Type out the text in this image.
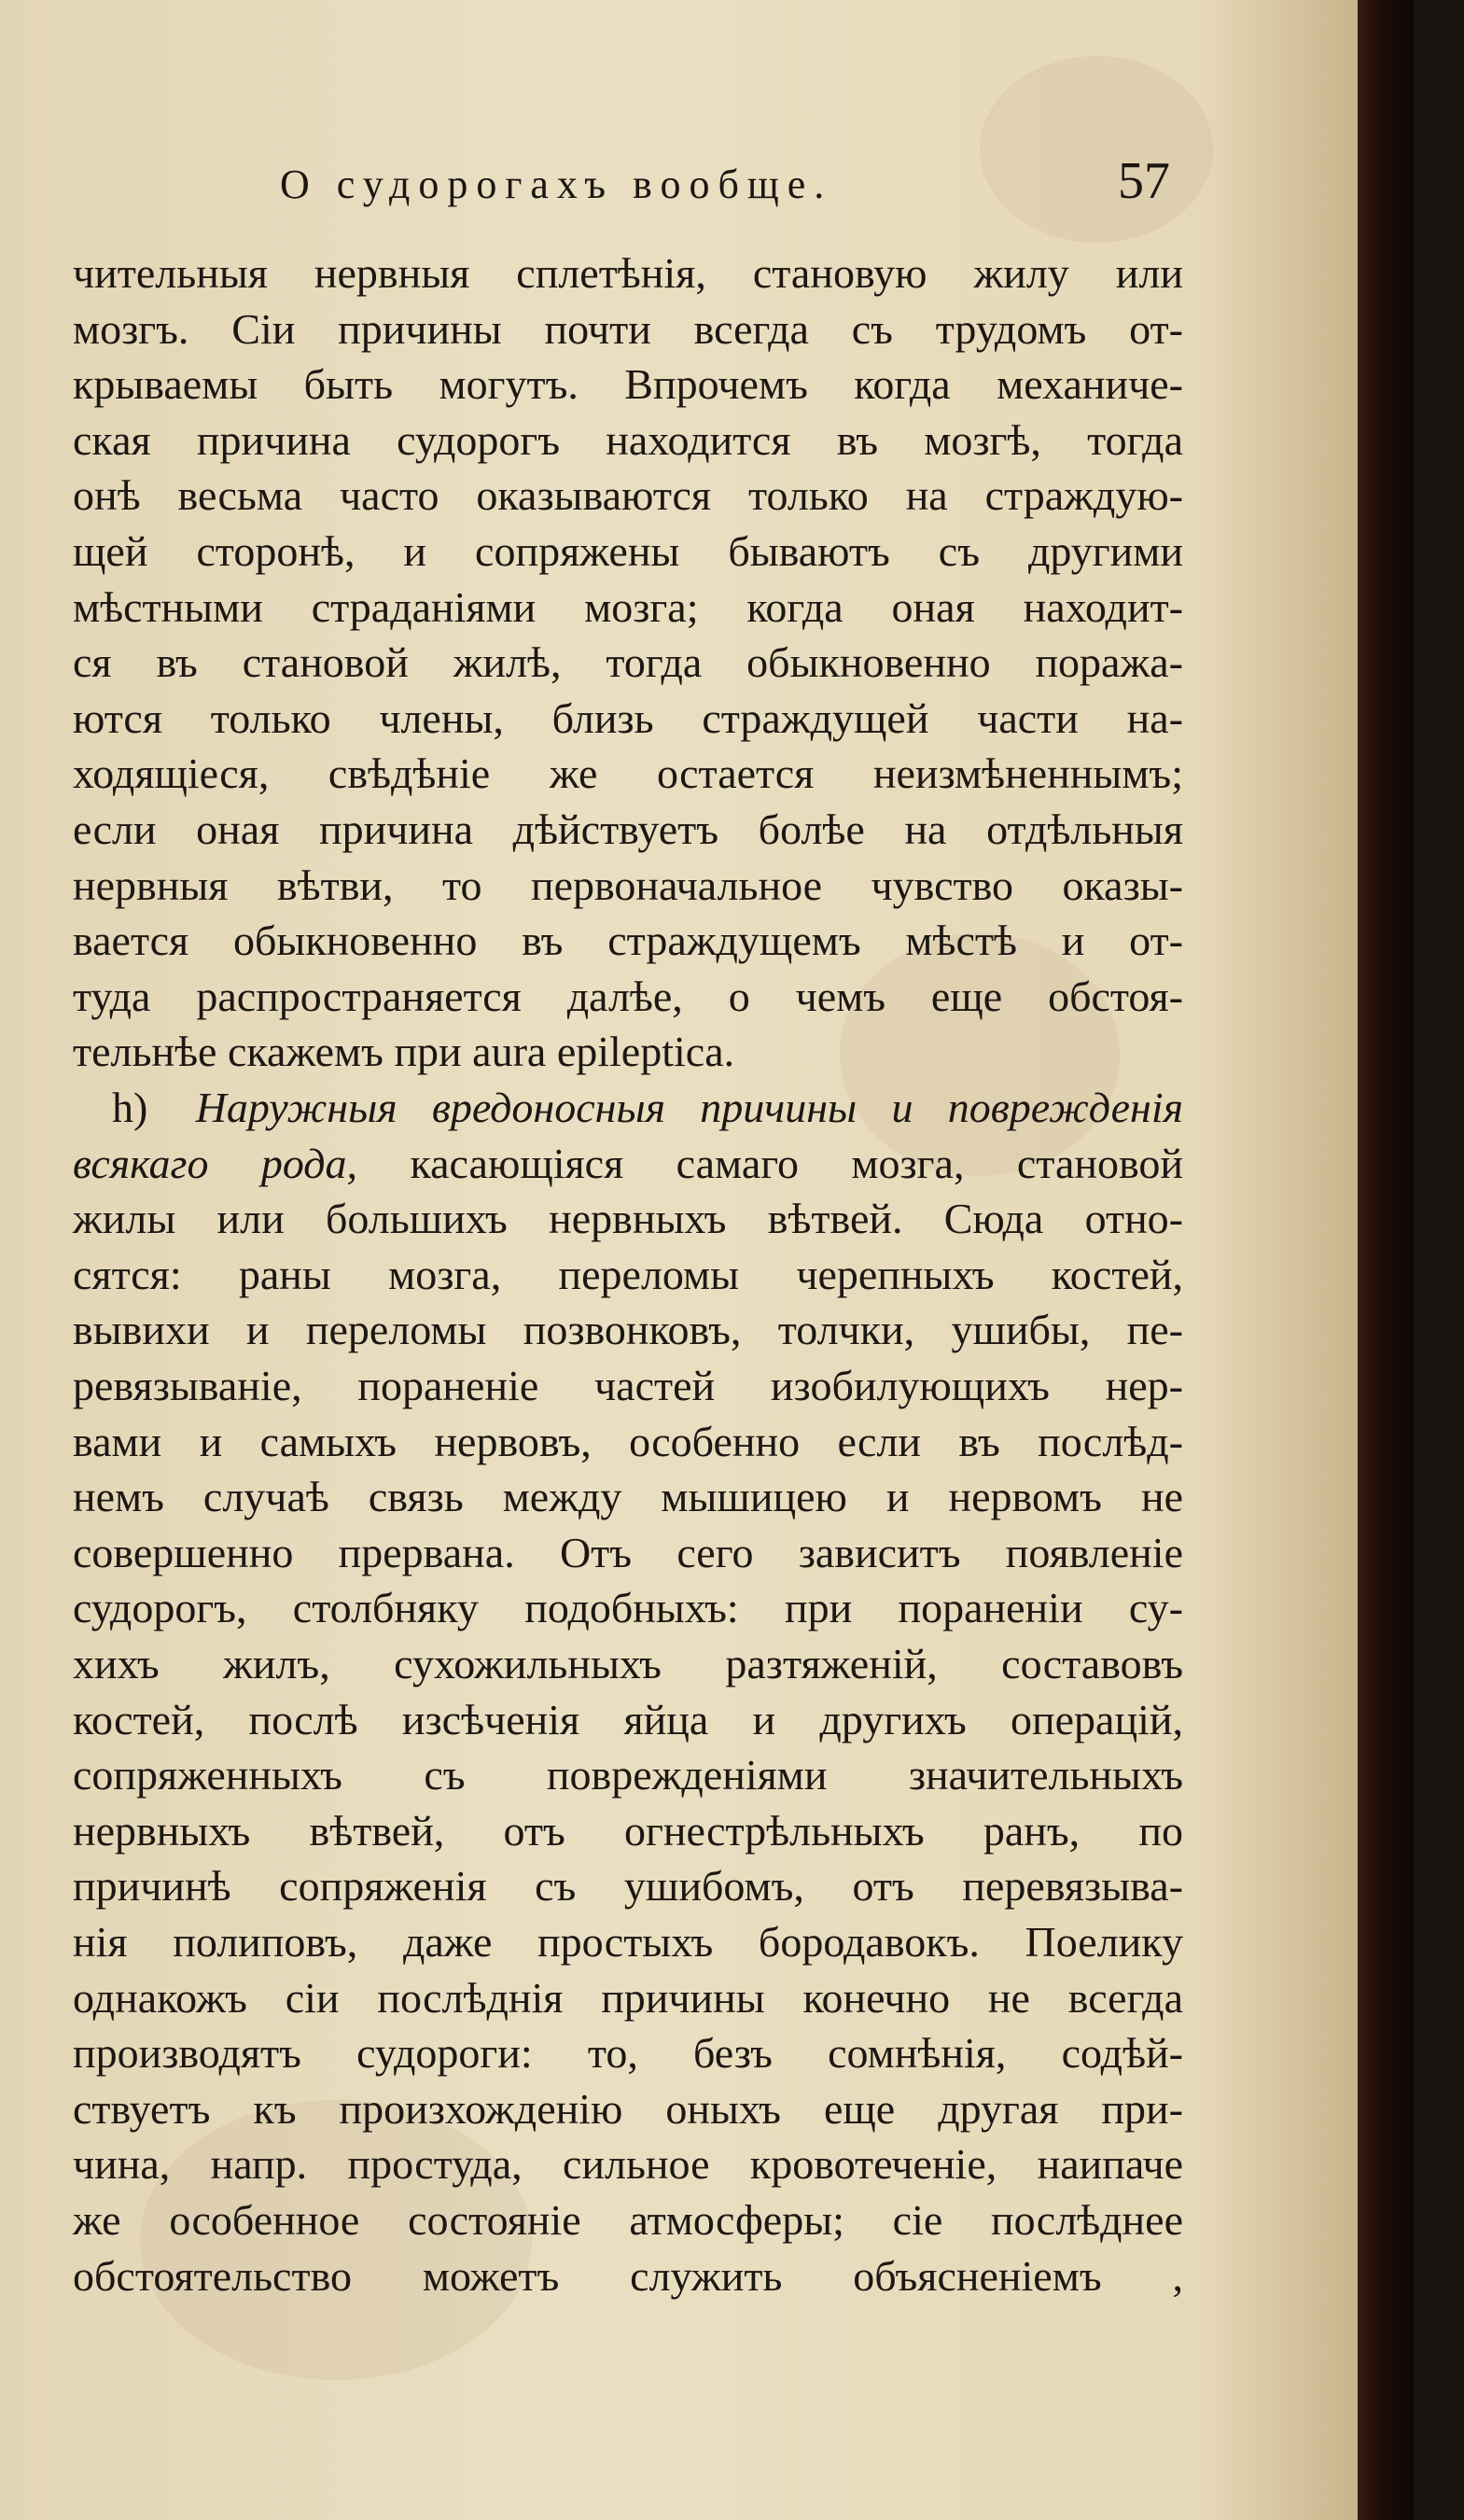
О судорогахъ вообще.	57
чительныя нервныя сплетѣнія, становую жилу или
мозгъ. Сіи причины почти всегда съ трудомъ от-
крываемы быть могутъ. Впрочемъ когда механиче-
ская причина судорогъ находится въ мозгѣ, тогда
онѣ весьма часто оказываются только на страждую-
щей сторонѣ, и сопряжены бываютъ съ другими
мѣстными страданіями мозга; когда оная находит-
ся въ становой жилѣ, тогда обыкновенно поража-
ются только члены, близь страждущей части на-
ходящіеся, свѣдѣніе же остается неизмѣненнымъ;
если оная причина дѣйствуетъ болѣе на отдѣльныя
нервныя вѣтви, то первоначальное чувство оказы-
вается обыкновенно въ страждущемъ мѣстѣ и от-
туда распространяется далѣе, о чемъ еще обстоя-
тельнѣе скажемъ при aura epileptica.
h) Наружныя вредоносныя причины и поврежденія
всякаго рода, касающіяся самаго мозга, становой
жилы или большихъ нервныхъ вѣтвей. Сюда отно-
сятся: раны мозга, переломы черепныхъ костей,
вывихи и переломы позвонковъ, толчки, ушибы, пе-
ревязываніе, пораненіе частей изобилующихъ нер-
вами и самыхъ нервовъ, особенно если въ послѣд-
немъ случаѣ связь между мышицею и нервомъ не
совершенно прервана. Отъ сего зависитъ появленіе
судорогъ, столбняку подобныхъ: при пораненіи су-
хихъ жилъ, сухожильныхъ разтяженій, составовъ
костей, послѣ изсѣченія яйца и другихъ операцій,
сопряженныхъ съ поврежденіями значительныхъ
нервныхъ вѣтвей, отъ огнестрѣльныхъ ранъ, по
причинѣ сопряженія съ ушибомъ, отъ перевязыва-
нія полиповъ, даже простыхъ бородавокъ. Поелику
однакожъ сіи послѣднія причины конечно не всегда
производятъ судороги: то, безъ сомнѣнія, содѣй-
ствуетъ къ произхожденію оныхъ еще другая при-
чина, напр. простуда, сильное кровотеченіе, наипаче
же особенное состояніе атмосферы; сіе послѣднее
обстоятельство можетъ служить объясненіемъ ,
